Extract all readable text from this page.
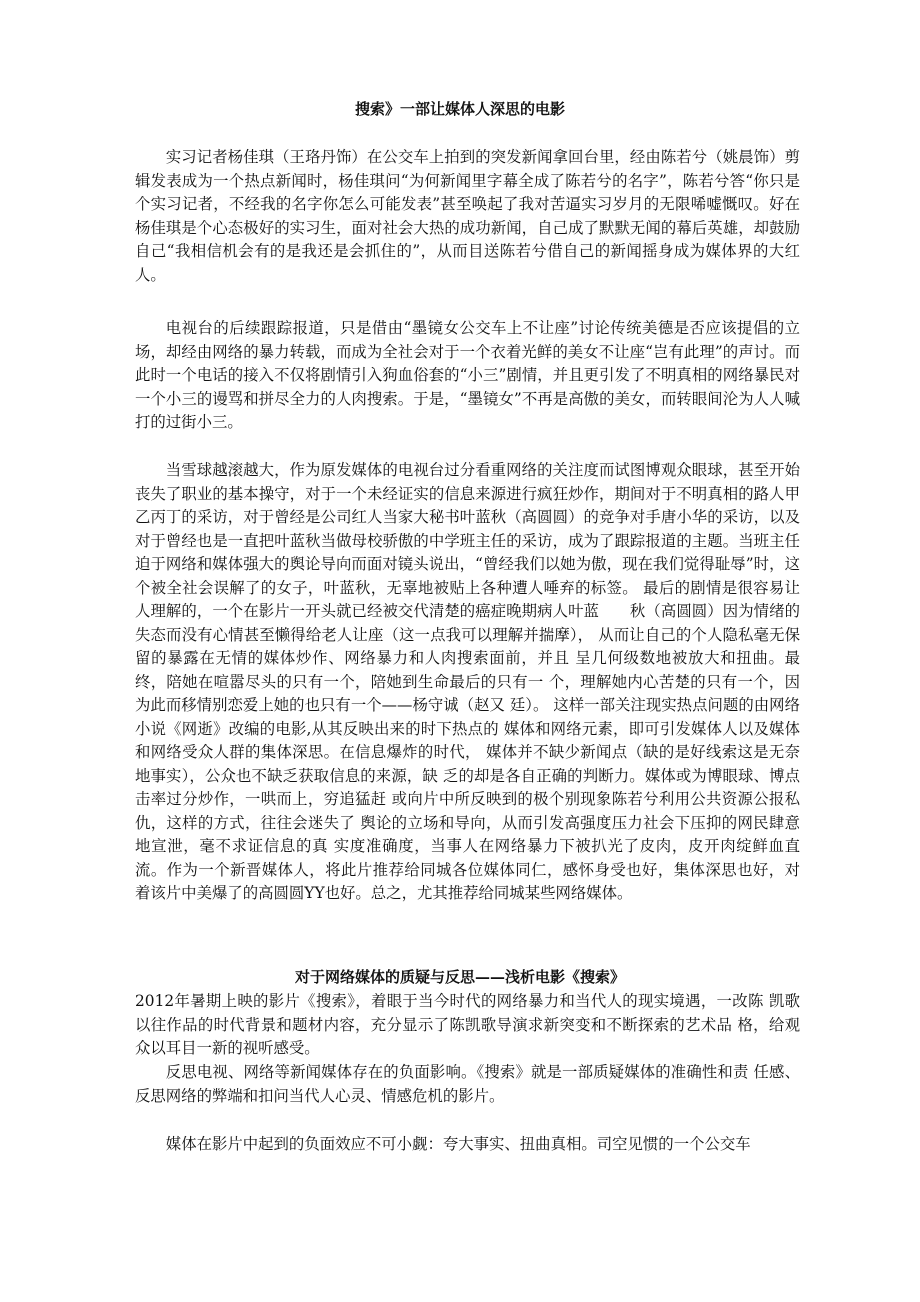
搜索》一部让媒体人深思的电影

实习记者杨佳琪（王珞丹饰）在公交车上拍到的突发新闻拿回台里，经由陈若兮（姚晨饰）剪辑发表成为一个热点新闻时，杨佳琪问“为何新闻里字幕全成了陈若兮的名字”，陈若兮答“你只是个实习记者，不经我的名字你怎么可能发表”甚至唤起了我对苦逼实习岁月的无限唏嘘慨叹。好在杨佳琪是个心态极好的实习生，面对社会大热的成功新闻，自己成了默默无闻的幕后英雄，却鼓励自己“我相信机会有的是我还是会抓住的”，从而目送陈若兮借自己的新闻摇身成为媒体界的大红人。

电视台的后续跟踪报道，只是借由“墨镜女公交车上不让座”讨论传统美德是否应该提倡的立场，却经由网络的暴力转载，而成为全社会对于一个衣着光鲜的美女不让座“岂有此理”的声讨。而此时一个电话的接入不仅将剧情引入狗血俗套的“小三”剧情，并且更引发了不明真相的网络暴民对一个小三的谩骂和拼尽全力的人肉搜索。于是，“墨镜女”不再是高傲的美女，而转眼间沦为人人喊打的过街小三。

当雪球越滚越大，作为原发媒体的电视台过分看重网络的关注度而试图博观众眼球，甚至开始丧失了职业的基本操守，对于一个未经证实的信息来源进行疯狂炒作，期间对于不明真相的路人甲乙丙丁的采访，对于曾经是公司红人当家大秘书叶蓝秋（高圆圆）的竞争对手唐小华的采访，以及对于曾经也是一直把叶蓝秋当做母校骄傲的中学班主任的采访，成为了跟踪报道的主题。当班主任迫于网络和媒体强大的舆论导向而面对镜头说出，“曾经我们以她为傲，现在我们觉得耻辱”时，这个被全社会误解了的女子，叶蓝秋，无辜地被贴上各种遭人唾弃的标签。 最后的剧情是很容易让人理解的，一个在影片一开头就已经被交代清楚的癌症晚期病人叶蓝　　秋（高圆圆）因为情绪的失态而没有心情甚至懒得给老人让座（这一点我可以理解并揣摩）， 从而让自己的个人隐私毫无保留的暴露在无情的媒体炒作、网络暴力和人肉搜索面前，并且 呈几何级数地被放大和扭曲。最终，陪她在喧嚣尽头的只有一个，陪她到生命最后的只有一 个，理解她内心苦楚的只有一个，因为此而移情别恋爱上她的也只有一个——杨守诚（赵又 廷）。 这样一部关注现实热点问题的由网络小说《网逝》改编的电影,从其反映出来的时下热点的 媒体和网络元素，即可引发媒体人以及媒体和网络受众人群的集体深思。在信息爆炸的时代， 媒体并不缺少新闻点（缺的是好线索这是无奈地事实），公众也不缺乏获取信息的来源，缺 乏的却是各自正确的判断力。媒体或为博眼球、博点击率过分炒作，一哄而上，穷追猛赶 或向片中所反映到的极个别现象陈若兮利用公共资源公报私仇，这样的方式，往往会迷失了 舆论的立场和导向，从而引发高强度压力社会下压抑的网民肆意地宣泄，毫不求证信息的真 实度准确度，当事人在网络暴力下被扒光了皮肉，皮开肉绽鲜血直流。作为一个新晋媒体人，将此片推荐给同城各位媒体同仁，感怀身受也好，集体深思也好，对 着该片中美爆了的高圆圆YY也好。总之，尤其推荐给同城某些网络媒体。

对于网络媒体的质疑与反思——浅析电影《搜索》

2012年暑期上映的影片《搜索》，着眼于当今时代的网络暴力和当代人的现实境遇，一改陈 凯歌以往作品的时代背景和题材内容，充分显示了陈凯歌导演求新突变和不断探索的艺术品 格，给观众以耳目一新的视听感受。

反思电视、网络等新闻媒体存在的负面影响。《搜索》就是一部质疑媒体的准确性和责 任感、反思网络的弊端和扣问当代人心灵、情感危机的影片。

媒体在影片中起到的负面效应不可小觑：夸大事实、扭曲真相。司空见惯的一个公交车
